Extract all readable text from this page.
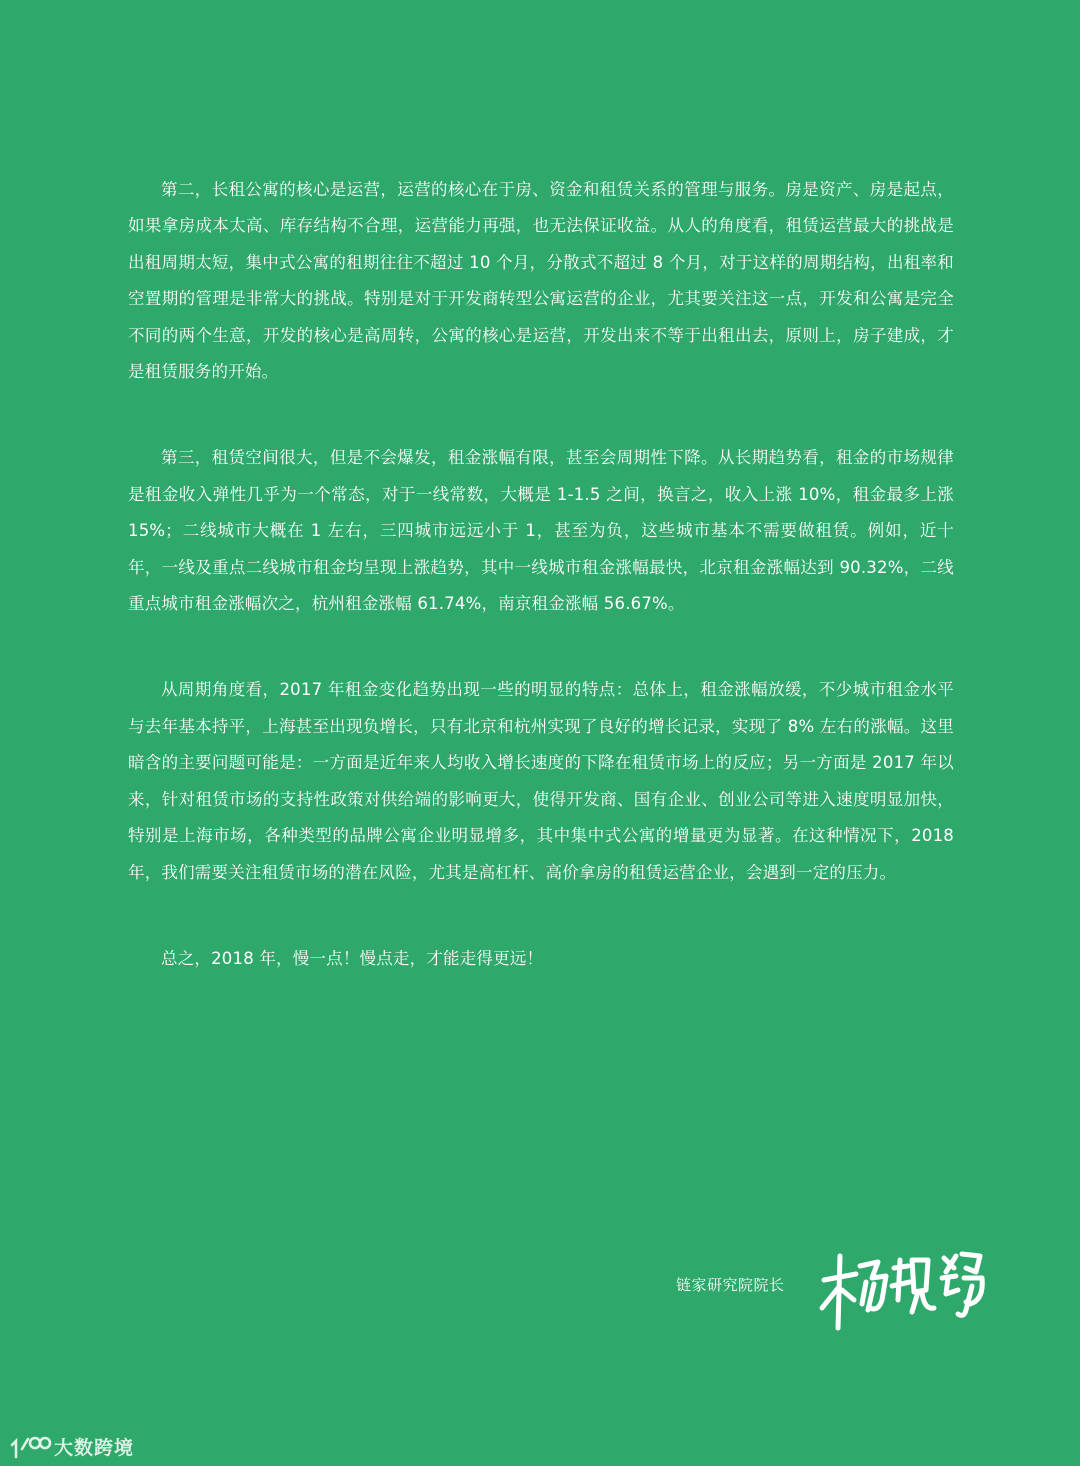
第二，长租公寓的核心是运营，运营的核心在于房、资金和租赁关系的管理与服务。房是资产、房是起点，如果拿房成本太高、库存结构不合理，运营能力再强，也无法保证收益。从人的角度看，租赁运营最大的挑战是出租周期太短，集中式公寓的租期往往不超过 10 个月，分散式不超过 8 个月，对于这样的周期结构，出租率和空置期的管理是非常大的挑战。特别是对于开发商转型公寓运营的企业，尤其要关注这一点，开发和公寓是完全不同的两个生意，开发的核心是高周转，公寓的核心是运营，开发出来不等于出租出去，原则上，房子建成，才是租赁服务的开始。

第三，租赁空间很大，但是不会爆发，租金涨幅有限，甚至会周期性下降。从长期趋势看，租金的市场规律是租金收入弹性几乎为一个常态，对于一线常数，大概是 1-1.5 之间，换言之，收入上涨 10%，租金最多上涨 15%；二线城市大概在 1 左右，三四城市远远小于 1，甚至为负，这些城市基本不需要做租赁。例如，近十年，一线及重点二线城市租金均呈现上涨趋势，其中一线城市租金涨幅最快，北京租金涨幅达到 90.32%，二线重点城市租金涨幅次之，杭州租金涨幅 61.74%，南京租金涨幅 56.67%。

从周期角度看，2017 年租金变化趋势出现一些的明显的特点：总体上，租金涨幅放缓，不少城市租金水平与去年基本持平，上海甚至出现负增长，只有北京和杭州实现了良好的增长记录，实现了 8% 左右的涨幅。这里暗含的主要问题可能是：一方面是近年来人均收入增长速度的下降在租赁市场上的反应；另一方面是 2017 年以来，针对租赁市场的支持性政策对供给端的影响更大，使得开发商、国有企业、创业公司等进入速度明显加快，特别是上海市场，各种类型的品牌公寓企业明显增多，其中集中式公寓的增量更为显著。在这种情况下，2018 年，我们需要关注租赁市场的潜在风险，尤其是高杠杆、高价拿房的租赁运营企业，会遇到一定的压力。

总之，2018 年，慢一点！慢点走，才能走得更远！

链家研究院院长
大数跨境
